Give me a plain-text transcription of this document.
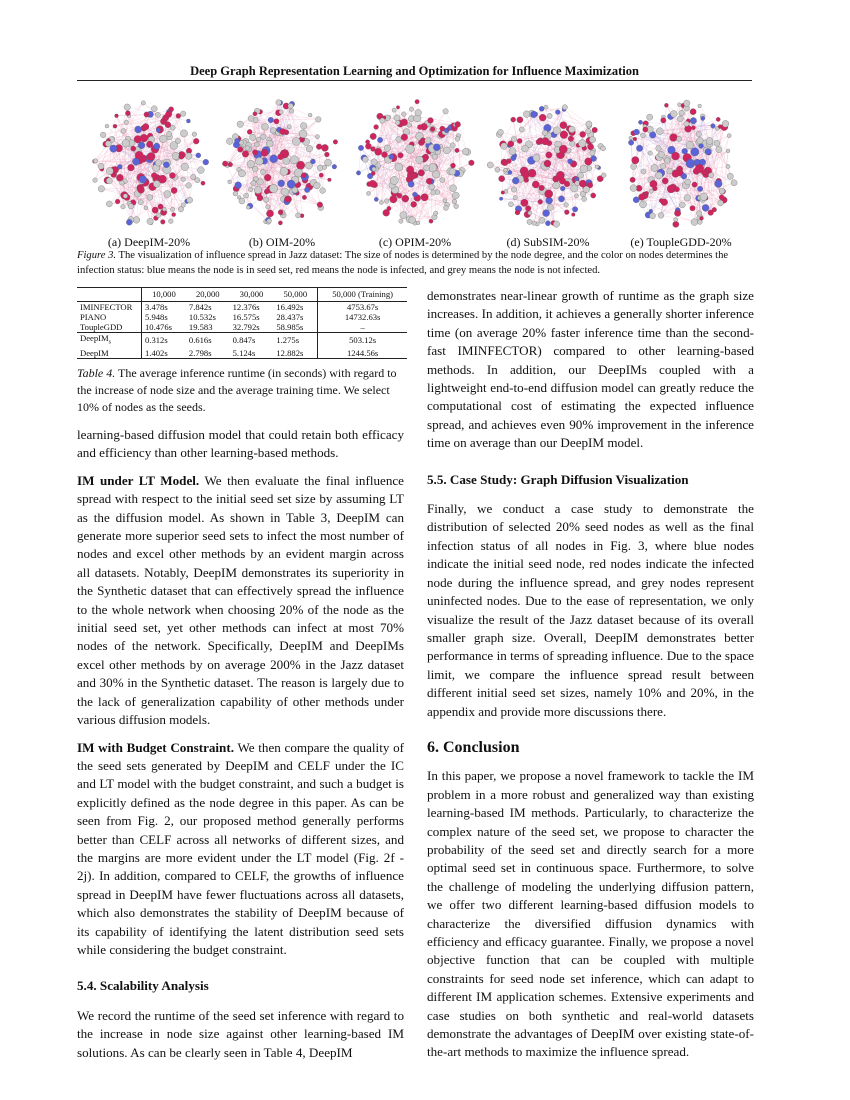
Deep Graph Representation Learning and Optimization for Influence Maximization
(a) DeepIM-20%	(b) OIM-20%	(c) OPIM-20%	(d) SubSIM-20%	(e) ToupleGDD-20%
Figure 3. The visualization of influence spread in Jazz dataset: The size of nodes is determined by the node degree, and the color on nodes determines the infection status: blue means the node is in seed set, red means the node is infected, and grey means the node is not infected.
	10,000	20,000	30,000	50,000	50,000 (Training)
IMINFECTOR	3.478s	7.842s	12.376s	16.492s	4753.67s
PIANO	5.948s	10.532s	16.575s	28.437s	14732.63s
ToupleGDD	10.476s	19.583	32.792s	58.985s	–
DeepIM$_s$	0.312s	0.616s	0.847s	1.275s	503.12s
DeepIM	1.402s	2.798s	5.124s	12.882s	1244.56s
Table 4. The average inference runtime (in seconds) with regard to the increase of node size and the average training time. We select 10% of nodes as the seeds.

learning-based diffusion model that could retain both efficacy and efficiency than other learning-based methods.

IM under LT Model. We then evaluate the final influence spread with respect to the initial seed set size by assuming LT as the diffusion model. As shown in Table 3, DeepIM can generate more superior seed sets to infect the most number of nodes and excel other methods by an evident margin across all datasets. Notably, DeepIM demonstrates its superiority in the Synthetic dataset that can effectively spread the influence to the whole network when choosing 20% of the node as the initial seed set, yet other methods can infect at most 70% nodes of the network. Specifically, DeepIM and DeepIMs excel other methods by on average 200% in the Jazz dataset and 30% in the Synthetic dataset. The reason is largely due to the lack of generalization capability of other methods under various diffusion models.

IM with Budget Constraint. We then compare the quality of the seed sets generated by DeepIM and CELF under the IC and LT model with the budget constraint, and such a budget is explicitly defined as the node degree in this paper. As can be seen from Fig. 2, our proposed method generally performs better than CELF across all networks of different sizes, and the margins are more evident under the LT model (Fig. 2f - 2j). In addition, compared to CELF, the growths of influence spread in DeepIM have fewer fluctuations across all datasets, which also demonstrates the stability of DeepIM because of its capability of identifying the latent distribution seed sets while considering the budget constraint.

5.4. Scalability Analysis

We record the runtime of the seed set inference with regard to the increase in node size against other learning-based IM solutions. As can be clearly seen in Table 4, DeepIM

demonstrates near-linear growth of runtime as the graph size increases. In addition, it achieves a generally shorter inference time (on average 20% faster inference time than the second-fast IMINFECTOR) compared to other learning-based methods. In addition, our DeepIMs coupled with a lightweight end-to-end diffusion model can greatly reduce the computational cost of estimating the expected influence spread, and achieves even 90% improvement in the inference time on average than our DeepIM model.

5.5. Case Study: Graph Diffusion Visualization

Finally, we conduct a case study to demonstrate the distribution of selected 20% seed nodes as well as the final infection status of all nodes in Fig. 3, where blue nodes indicate the initial seed node, red nodes indicate the infected node during the influence spread, and grey nodes represent uninfected nodes. Due to the ease of representation, we only visualize the result of the Jazz dataset because of its overall smaller graph size. Overall, DeepIM demonstrates better performance in terms of spreading influence. Due to the space limit, we compare the influence spread result between different initial seed set sizes, namely 10% and 20%, in the appendix and provide more discussions there.

6. Conclusion

In this paper, we propose a novel framework to tackle the IM problem in a more robust and generalized way than existing learning-based IM methods. Particularly, to characterize the complex nature of the seed set, we propose to character the probability of the seed set and directly search for a more optimal seed set in continuous space. Furthermore, to solve the challenge of modeling the underlying diffusion pattern, we offer two different learning-based diffusion models to characterize the diversified diffusion dynamics with efficiency and efficacy guarantee. Finally, we propose a novel objective function that can be coupled with multiple constraints for seed node set inference, which can adapt to different IM application schemes. Extensive experiments and case studies on both synthetic and real-world datasets demonstrate the advantages of DeepIM over existing state-of-the-art methods to maximize the influence spread.
